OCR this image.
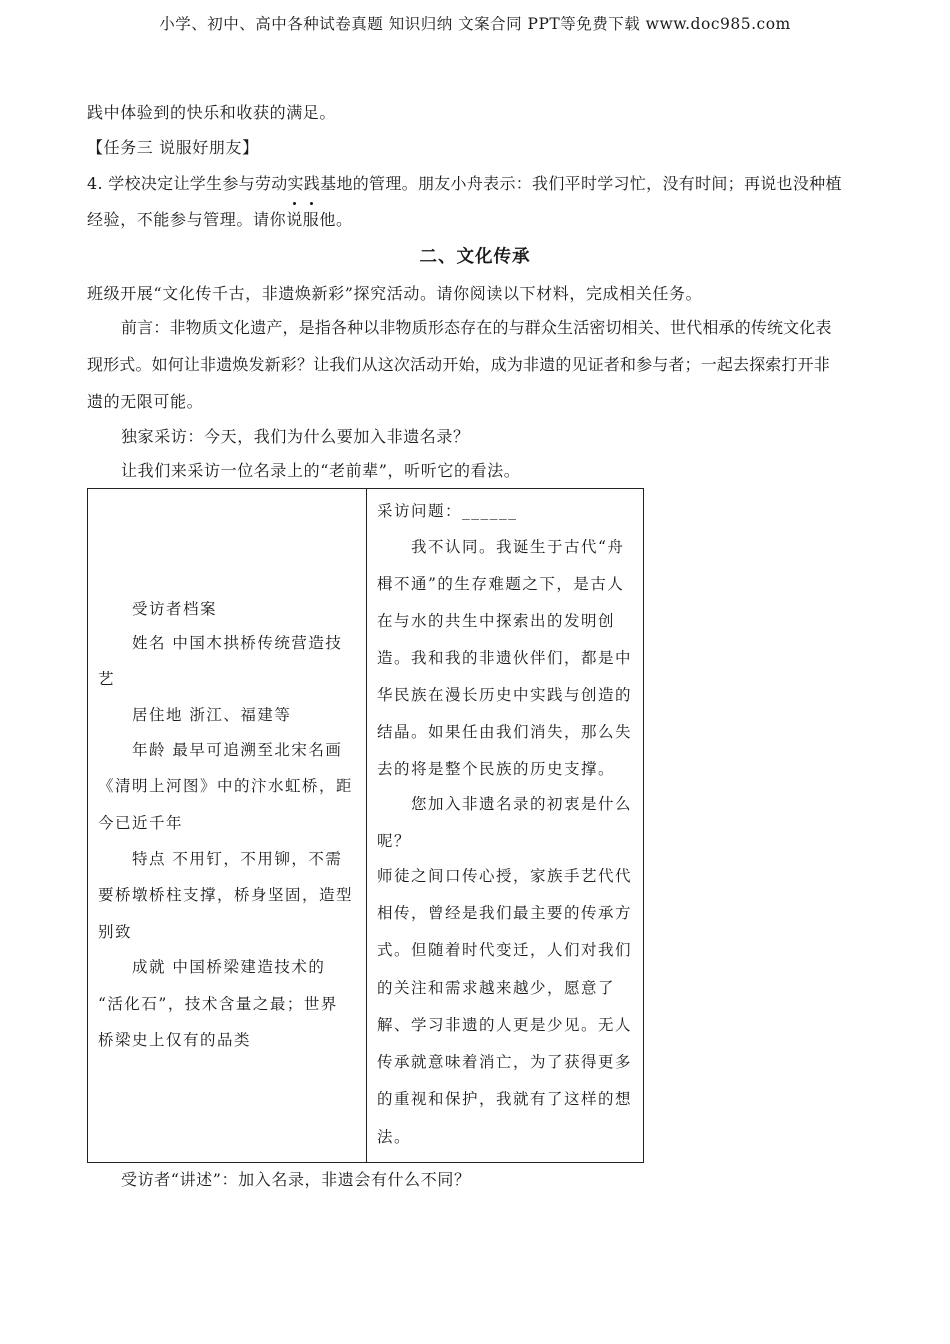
小学、初中、高中各种试卷真题 知识归纳 文案合同 PPT等免费下载 www.doc985.com
践中体验到的快乐和收获的满足。
【任务三 说服好朋友】
4. 学校决定让学生参与劳动实践基地的管理。朋友小舟表示：我们平时学习忙，没有时间；再说也没种植
经验，不能参与管理。请你说服他。
二、文化传承
班级开展“文化传千古，非遗焕新彩”探究活动。请你阅读以下材料，完成相关任务。
前言：非物质文化遗产，是指各种以非物质形态存在的与群众生活密切相关、世代相承的传统文化表
现形式。如何让非遗焕发新彩？让我们从这次活动开始，成为非遗的见证者和参与者；一起去探索打开非
遗的无限可能。
独家采访：今天，我们为什么要加入非遗名录？
让我们来采访一位名录上的“老前辈”，听听它的看法。
受访者档案
姓名 中国木拱桥传统营造技
艺
居住地 浙江、福建等
年龄 最早可追溯至北宋名画
《清明上河图》中的汴水虹桥，距
今已近千年
特点 不用钉，不用铆，不需
要桥墩桥柱支撑，桥身坚固，造型
别致
成就 中国桥梁建造技术的
“活化石”，技术含量之最；世界
桥梁史上仅有的品类
采访问题：______
我不认同。我诞生于古代“舟
楫不通”的生存难题之下，是古人
在与水的共生中探索出的发明创
造。我和我的非遗伙伴们，都是中
华民族在漫长历史中实践与创造的
结晶。如果任由我们消失，那么失
去的将是整个民族的历史支撑。
您加入非遗名录的初衷是什么
呢？
师徒之间口传心授，家族手艺代代
相传，曾经是我们最主要的传承方
式。但随着时代变迁，人们对我们
的关注和需求越来越少，愿意了
解、学习非遗的人更是少见。无人
传承就意味着消亡，为了获得更多
的重视和保护，我就有了这样的想
法。
受访者“讲述”：加入名录，非遗会有什么不同？
